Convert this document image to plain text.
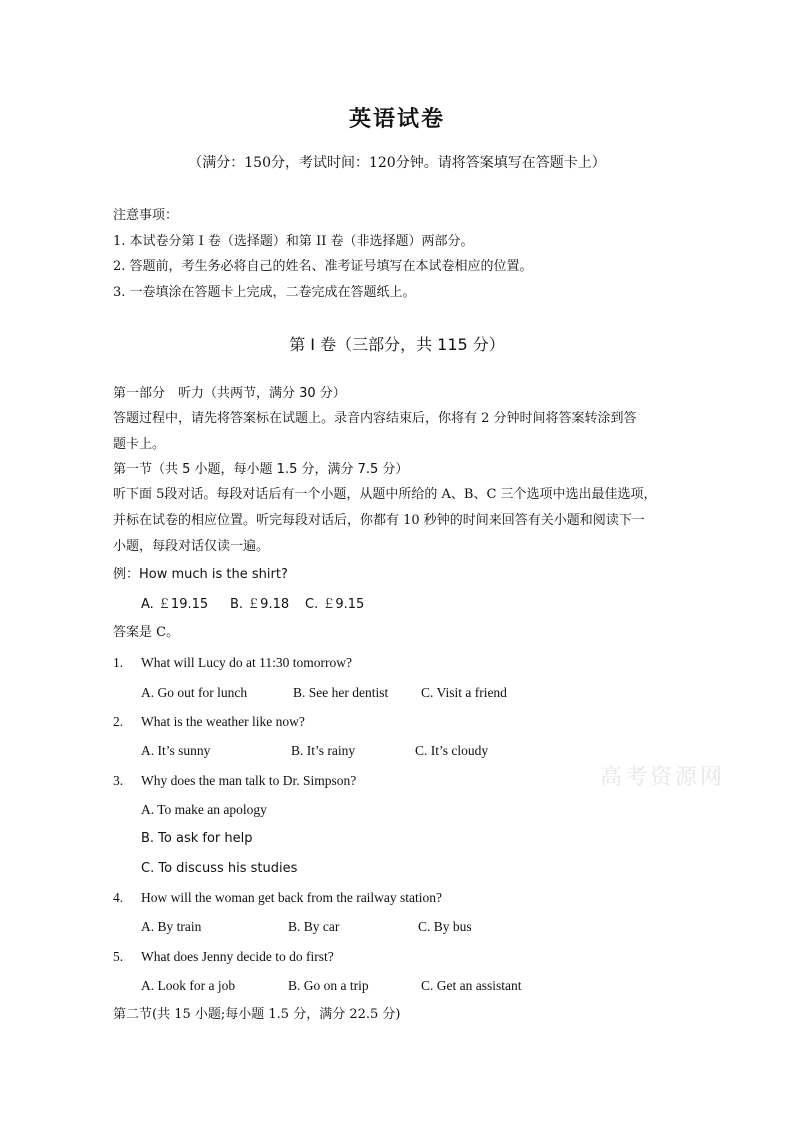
英语试卷
（满分：150分，考试时间：120分钟。请将答案填写在答题卡上）
注意事项：
1. 本试卷分第 I 卷（选择题）和第 II 卷（非选择题）两部分。
2. 答题前，考生务必将自己的姓名、准考证号填写在本试卷相应的位置。
3. 一卷填涂在答题卡上完成，二卷完成在答题纸上。
第 I 卷（三部分，共 115 分）
第一部分　听力（共两节，满分 30 分）
答题过程中，请先将答案标在试题上。录音内容结束后，你将有 2 分钟时间将答案转涂到答
题卡上。
第一节（共 5 小题，每小题 1.5 分，满分 7.5 分）
听下面 5段对话。每段对话后有一个小题，从题中所给的 A、B、C 三个选项中选出最佳选项，
并标在试卷的相应位置。听完每段对话后，你都有 10 秒钟的时间来回答有关小题和阅读下一
小题，每段对话仅读一遍。
例：How much is the shirt?
A. ￡19.15 B. ￡9.18 C. ￡9.15
答案是 C。
1.	What will Lucy do at 11:30 tomorrow?
A. Go out for lunch	B. See her dentist C. Visit a friend
2.	What is the weather like now?
A. It’s sunny	B. It’s rainy	C. It’s cloudy
3.	Why does the man talk to Dr. Simpson?
A. To make an apology
B. To ask for help
C. To discuss his studies
4.	How will the woman get back from the railway station?
A. By train	B. By car	C. By bus
5.	What does Jenny decide to do first?
A. Look for a job	B. Go on a trip	C. Get an assistant
第二节(共 15 小题;每小题 1.5 分，满分 22.5 分)
高考资源网
